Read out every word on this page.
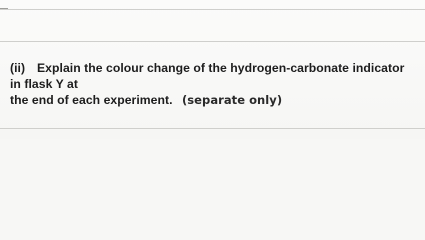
(ii) Explain the colour change of the hydrogen-carbonate indicator in flask Y at
the end of each experiment. (separate only)
